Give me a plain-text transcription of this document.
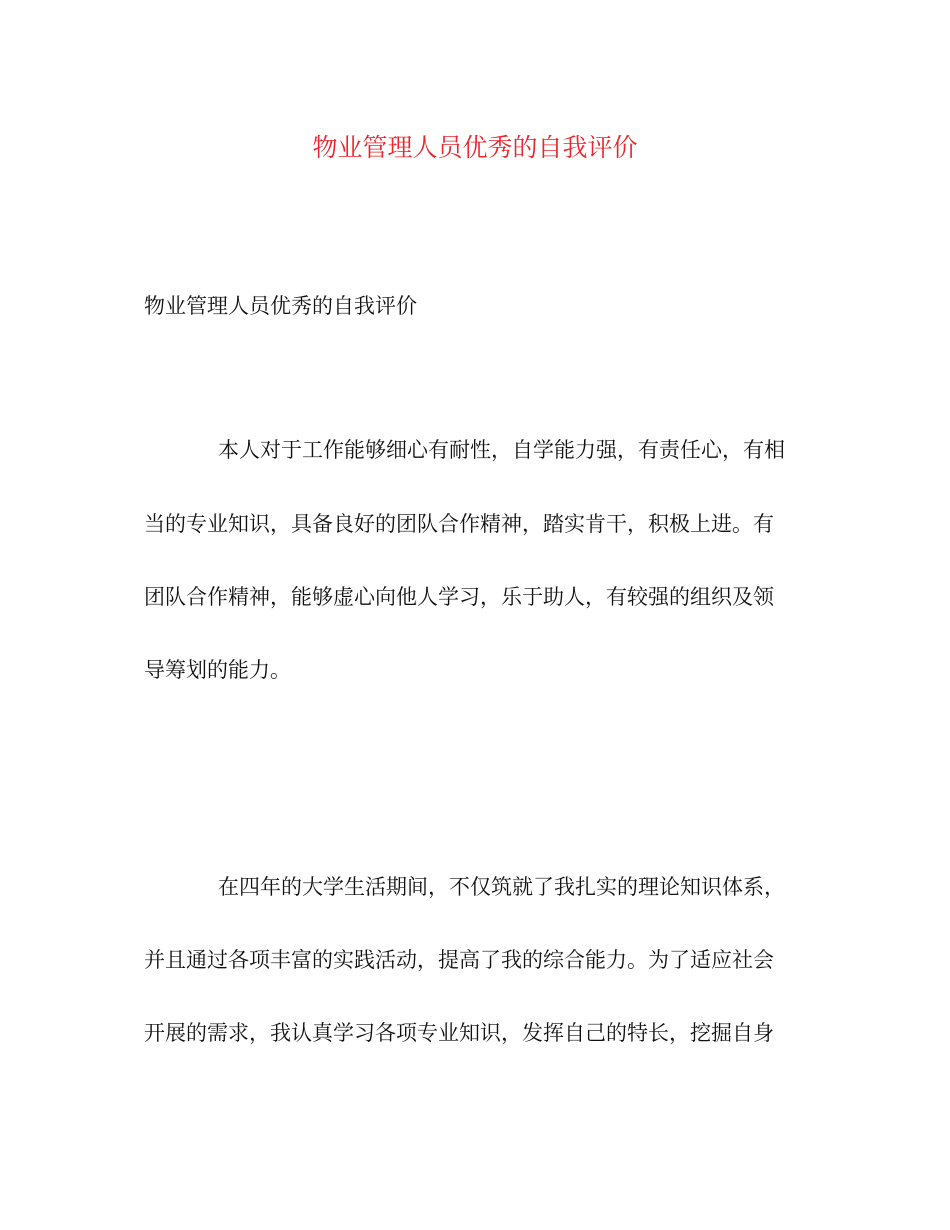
物业管理人员优秀的自我评价
物业管理人员优秀的自我评价
本人对于工作能够细心有耐性，自学能力强，有责任心，有相
当的专业知识，具备良好的团队合作精神，踏实肯干，积极上进。有
团队合作精神，能够虚心向他人学习，乐于助人，有较强的组织及领
导筹划的能力。
在四年的大学生活期间，不仅筑就了我扎实的理论知识体系，
并且通过各项丰富的实践活动，提高了我的综合能力。为了适应社会
开展的需求，我认真学习各项专业知识，发挥自己的特长，挖掘自身
